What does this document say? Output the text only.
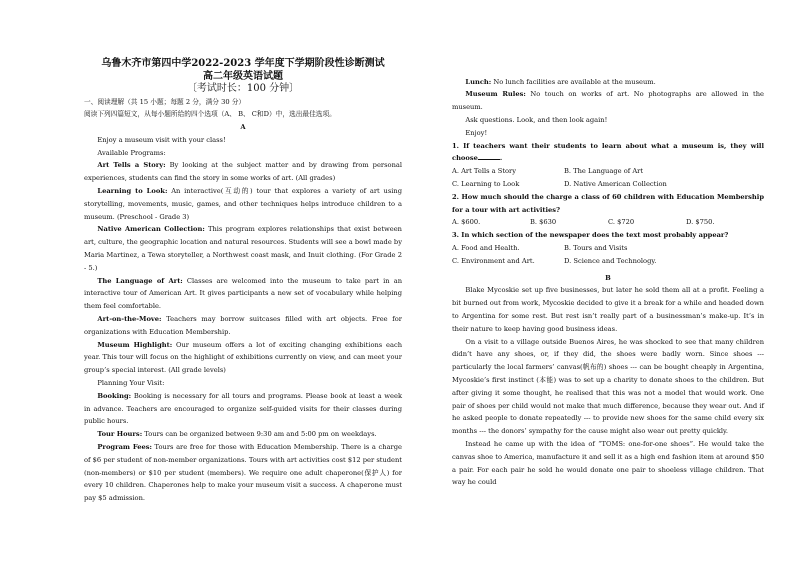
乌鲁木齐市第四中学2022-2023 学年度下学期阶段性诊断测试
高二年级英语试题
〔考试时长：100 分钟〕

一、阅读理解（共 15 小题；每题 2 分，满分 30 分）

阅读下列四篇短文，从每小题所给的四个选项（A、 B、 C和D）中，选出最佳选项。

A

Enjoy a museum visit with your class!

Available Programs:

Art Tells a Story: By looking at the subject matter and by drawing from personal experiences, students can find the story in some works of art. (All grades)

Learning to Look: An interactive(互动的) tour that explores a variety of art using storytelling, movements, music, games, and other techniques helps introduce children to a museum. (Preschool - Grade 3)

Native American Collection: This program explores relationships that exist between art, culture, the geographic location and natural resources. Students will see a bowl made by Maria Martinez, a Tewa storyteller, a Northwest coast mask, and Inuit clothing. (For Grade 2 - 5.)

The Language of Art: Classes are welcomed into the museum to take part in an interactive tour of American Art. It gives participants a new set of vocabulary while helping them feel comfortable.

Art-on-the-Move: Teachers may borrow suitcases filled with art objects. Free for organizations with Education Membership.

Museum Highlight: Our museum offers a lot of exciting changing exhibitions each year. This tour will focus on the highlight of exhibitions currently on view, and can meet your group’s special interest. (All grade levels)

Planning Your Visit:

Booking: Booking is necessary for all tours and programs. Please book at least a week in advance. Teachers are encouraged to organize self-guided visits for their classes during public hours.

Tour Hours: Tours can be organized between 9:30 am and 5:00 pm on weekdays.

Program Fees: Tours are free for those with Education Membership. There is a charge of $6 per student of non-member organizations. Tours with art activities cost $12 per student (non-members) or $10 per student (members). We require one adult chaperone(保护人) for every 10 children. Chaperones help to make your museum visit a success. A chaperone must pay $5 admission.

Lunch: No lunch facilities are available at the museum.

Museum Rules: No touch on works of art. No photographs are allowed in the museum.

Ask questions. Look, and then look again!

Enjoy!

1. If teachers want their students to learn about what a museum is, they will choose	.

A. Art Tells a Story	B. The Language of Art
C. Learning to Look	D. Native American Collection

2. How much should the charge a class of 60 children with Education Membership for a tour with art activities?

A. $600.	B. $630	C. $720	D. $750.

3. In which section of the newspaper does the text most probably appear?

A. Food and Health.	B. Tours and Visits
C. Environment and Art.	D. Science and Technology.

B

Blake Mycoskie set up five businesses, but later he sold them all at a profit. Feeling a bit burned out from work, Mycoskie decided to give it a break for a while and headed down to Argentina for some rest. But rest isn’t really part of a businessman’s make-up. It’s in their nature to keep having good business ideas.

On a visit to a village outside Buenos Aires, he was shocked to see that many children didn’t have any shoes, or, if they did, the shoes were badly worn. Since shoes --- particularly the local farmers’ canvas(帆布的) shoes --- can be bought cheaply in Argentina, Mycoskie’s first instinct (本能) was to set up a charity to donate shoes to the children. But after giving it some thought, he realised that this was not a model that would work. One pair of shoes per child would not make that much difference, because they wear out. And if he asked people to donate repeatedly --- to provide new shoes for the same child every six months --- the donors’ sympathy for the cause might also wear out pretty quickly.

Instead he came up with the idea of “TOMS: one-for-one shoes”. He would take the canvas shoe to America, manufacture it and sell it as a high end fashion item at around $50 a pair. For each pair he sold he would donate one pair to shoeless village children. That way he could
